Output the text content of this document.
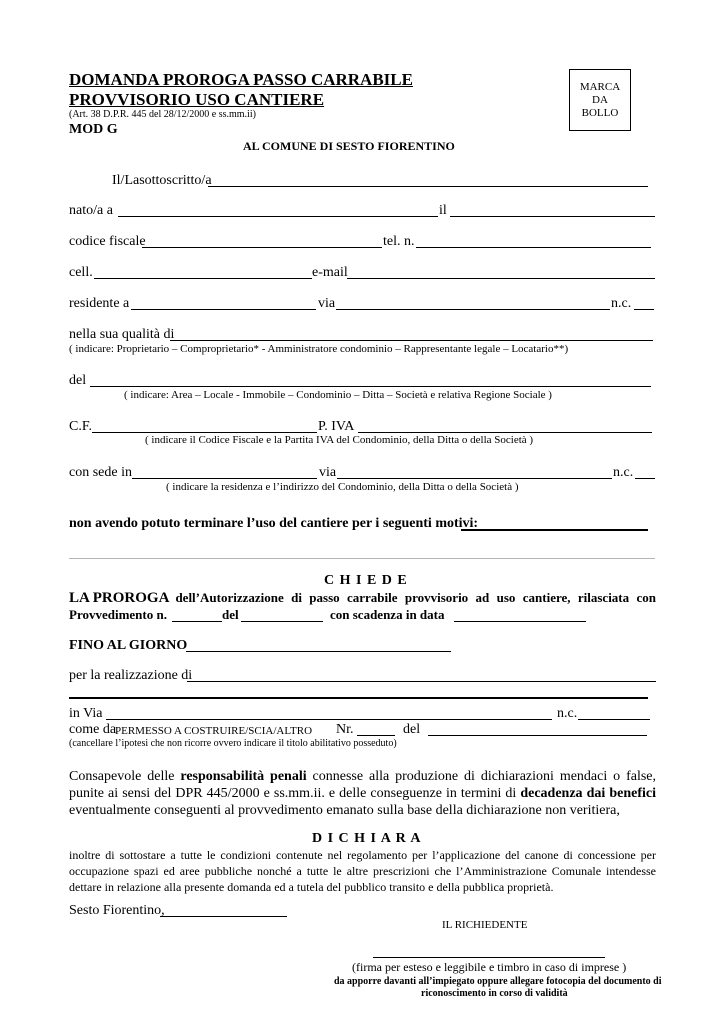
DOMANDA PROROGA PASSO CARRABILE
PROVVISORIO USO CANTIERE
(Art. 38 D.P.R. 445 del 28/12/2000 e ss.mm.ii)
MOD G
MARCA
DA
BOLLO
AL COMUNE DI SESTO FIORENTINO
Il/Lasottoscritto/a
nato/a a	il
codice fiscale	tel. n.
cell.	e-mail
residente a	via	n.c.
nella sua qualità di
( indicare: Proprietario – Comproprietario* - Amministratore condominio – Rappresentante legale – Locatario**)
del
( indicare: Area – Locale - Immobile – Condominio – Ditta – Società e relativa Regione Sociale )
C.F.	P. IVA
( indicare il Codice Fiscale e la Partita IVA del Condominio, della Ditta o della Società )
con sede in	via	n.c.
( indicare la residenza e l’indirizzo del Condominio, della Ditta o della Società )
non avendo potuto terminare l’uso del cantiere per i seguenti motivi:
C H I E D E
LA PROROGA dell’Autorizzazione di passo carrabile provvisorio ad uso cantiere, rilasciata con
Provvedimento n.	del	con scadenza in data
FINO AL GIORNO
per la realizzazione di
in Via	n.c.
come da
PERMESSO A COSTRUIRE/SCIA/ALTRO Nr.	del
(cancellare l’ipotesi che non ricorre ovvero indicare il titolo abilitativo posseduto)
Consapevole delle responsabilità penali connesse alla produzione di dichiarazioni mendaci o false, punite ai sensi del DPR 445/2000 e ss.mm.ii. e delle conseguenze in termini di decadenza dai benefici eventualmente conseguenti al provvedimento emanato sulla base della dichiarazione non veritiera,
D I C H I A R A
inoltre di sottostare a tutte le condizioni contenute nel regolamento per l’applicazione del canone di concessione per occupazione spazi ed aree pubbliche nonché a tutte le altre prescrizioni che l’Amministrazione Comunale intendesse dettare in relazione alla presente domanda ed a tutela del pubblico transito e della pubblica proprietà.
Sesto Fiorentino,
IL RICHIEDENTE
(firma per esteso e leggibile e timbro in caso di imprese )
da apporre davanti all’impiegato oppure allegare fotocopia del documento di
riconoscimento in corso di validità
